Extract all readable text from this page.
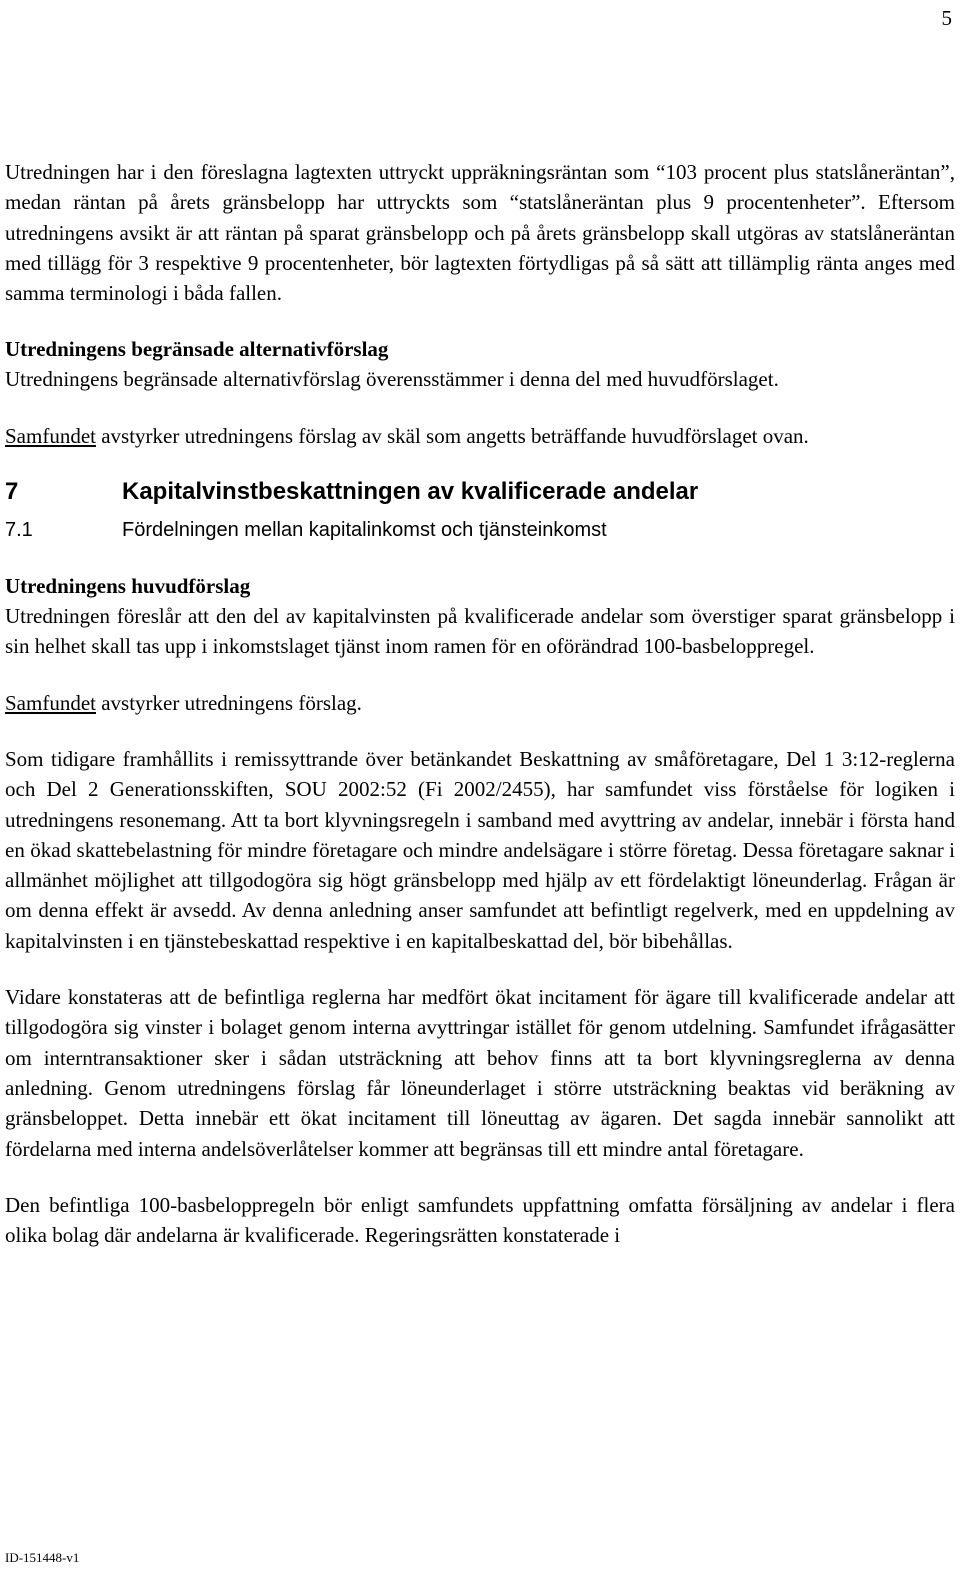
5

Utredningen har i den föreslagna lagtexten uttryckt uppräkningsräntan som “103 procent plus statslåneräntan”, medan räntan på årets gränsbelopp har uttryckts som “statslåneräntan plus 9 procentenheter”. Eftersom utredningens avsikt är att räntan på sparat gränsbelopp och på årets gränsbelopp skall utgöras av statslåneräntan med tillägg för 3 respektive 9 procentenheter, bör lagtexten förtydligas på så sätt att tillämplig ränta anges med samma terminologi i båda fallen.

Utredningens begränsade alternativförslag

Utredningens begränsade alternativförslag överensstämmer i denna del med huvudförslaget.

Samfundet avstyrker utredningens förslag av skäl som angetts beträffande huvudförslaget ovan.

7	Kapitalvinstbeskattningen av kvalificerade andelar
7.1	Fördelningen mellan kapitalinkomst och tjänsteinkomst
Utredningens huvudförslag

Utredningen föreslår att den del av kapitalvinsten på kvalificerade andelar som överstiger sparat gränsbelopp i sin helhet skall tas upp i inkomstslaget tjänst inom ramen för en oförändrad 100-basbeloppregel.

Samfundet avstyrker utredningens förslag.

Som tidigare framhållits i remissyttrande över betänkandet Beskattning av småföretagare, Del 1 3:12-reglerna och Del 2 Generationsskiften, SOU 2002:52 (Fi 2002/2455), har samfundet viss förståelse för logiken i utredningens resonemang. Att ta bort klyvningsregeln i samband med avyttring av andelar, innebär i första hand en ökad skattebelastning för mindre företagare och mindre andelsägare i större företag. Dessa företagare saknar i allmänhet möjlighet att tillgodogöra sig högt gränsbelopp med hjälp av ett fördelaktigt löneunderlag. Frågan är om denna effekt är avsedd. Av denna anledning anser samfundet att befintligt regelverk, med en uppdelning av kapitalvinsten i en tjänstebeskattad respektive i en kapitalbeskattad del, bör bibehållas.

Vidare konstateras att de befintliga reglerna har medfört ökat incitament för ägare till kvalificerade andelar att tillgodogöra sig vinster i bolaget genom interna avyttringar istället för genom utdelning. Samfundet ifrågasätter om interntransaktioner sker i sådan utsträckning att behov finns att ta bort klyvningsreglerna av denna anledning. Genom utredningens förslag får löneunderlaget i större utsträckning beaktas vid beräkning av gränsbeloppet. Detta innebär ett ökat incitament till löneuttag av ägaren. Det sagda innebär sannolikt att fördelarna med interna andelsöverlåtelser kommer att begränsas till ett mindre antal företagare.

Den befintliga 100-basbeloppregeln bör enligt samfundets uppfattning omfatta försäljning av andelar i flera olika bolag där andelarna är kvalificerade. Regeringsrätten konstaterade i

ID-151448-v1
